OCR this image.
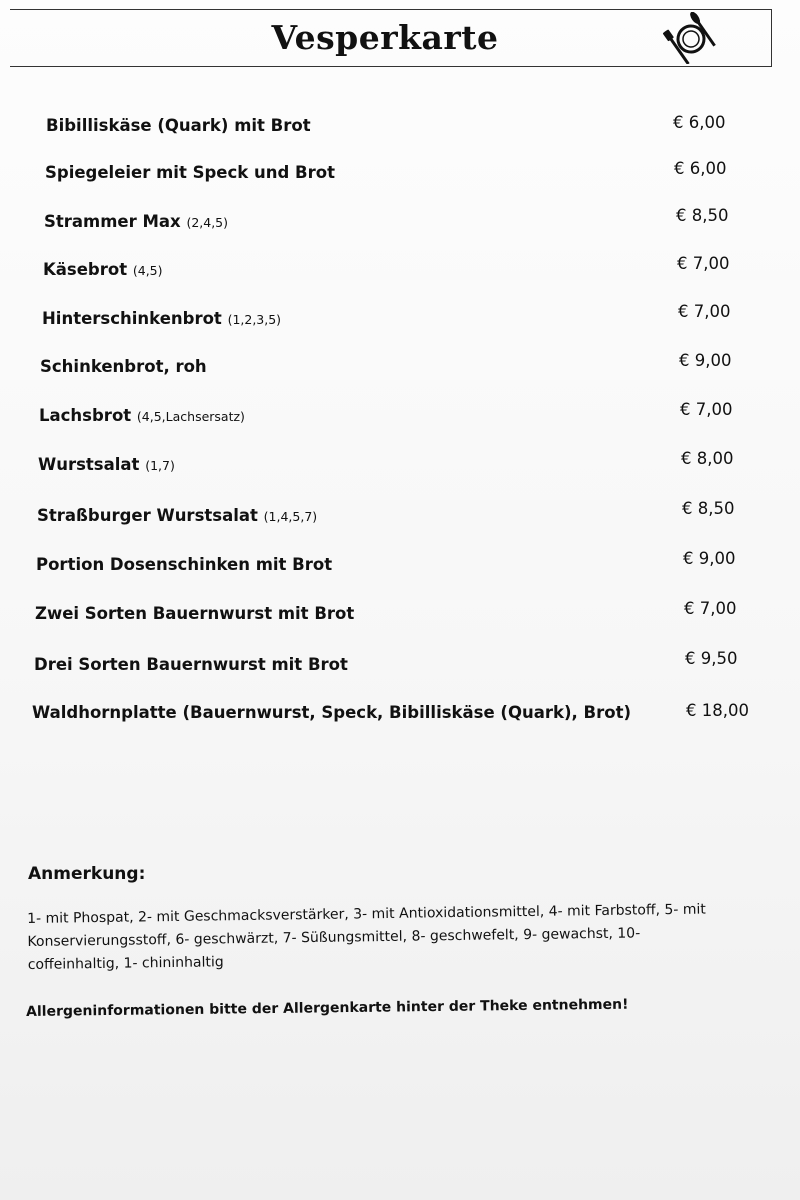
Vesperkarte
Bibilliskäse (Quark) mit Brot	€ 6,00
Spiegeleier mit Speck und Brot	€ 6,00
Strammer Max (2,4,5)	€ 8,50
Käsebrot (4,5)	€ 7,00
Hinterschinkenbrot (1,2,3,5)	€ 7,00
Schinkenbrot, roh	€ 9,00
Lachsbrot (4,5,Lachsersatz)	€ 7,00
Wurstsalat (1,7)	€ 8,00
Straßburger Wurstsalat (1,4,5,7)	€ 8,50
Portion Dosenschinken mit Brot	€ 9,00
Zwei Sorten Bauernwurst mit Brot	€ 7,00
Drei Sorten Bauernwurst mit Brot	€ 9,50
Waldhornplatte (Bauernwurst, Speck, Bibilliskäse (Quark), Brot)	€ 18,00
Anmerkung:
1- mit Phospat, 2- mit Geschmacksverstärker, 3- mit Antioxidationsmittel, 4- mit Farbstoff, 5- mit Konservierungsstoff, 6- geschwärzt, 7- Süßungsmittel, 8- geschwefelt, 9- gewachst, 10- coffeinhaltig, 1- chininhaltig
Allergeninformationen bitte der Allergenkarte hinter der Theke entnehmen!
